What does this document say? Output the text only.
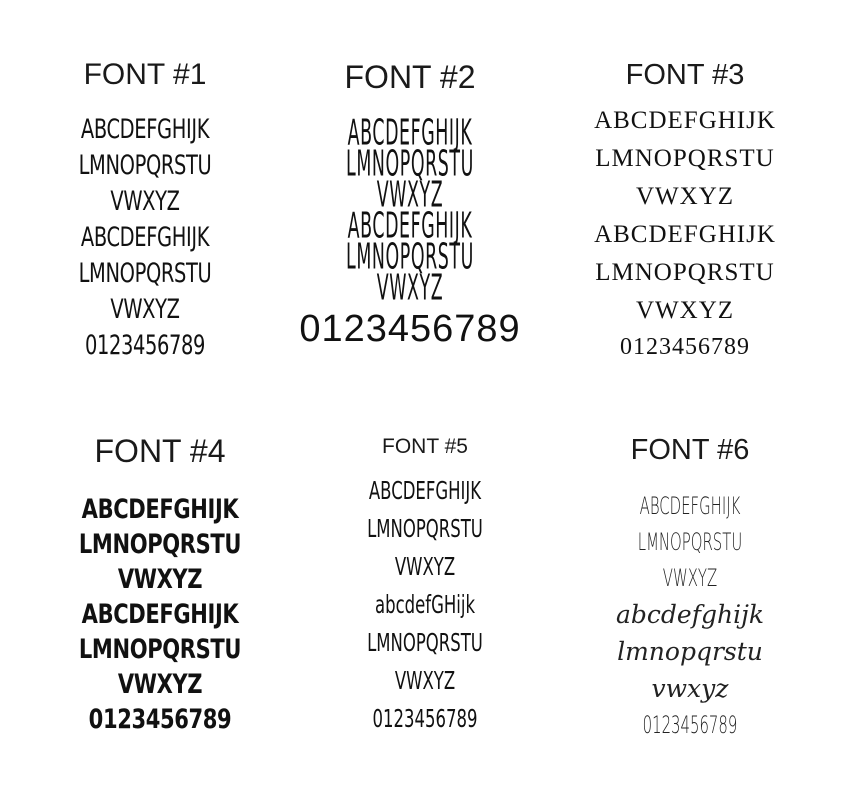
FONT #1
ABCDEFGHIJK
LMNOPQRSTU
VWXYZ
ABCDEFGHIJK
LMNOPQRSTU
VWXYZ
0123456789
FONT #2
ABCDEFGHIJK
LMNOPQRSTU
VWXYZ
ABCDEFGHIJK
LMNOPQRSTU
VWXYZ
0123456789
FONT #3
ABCDEFGHIJK
LMNOPQRSTU
VWXYZ
ABCDEFGHIJK
LMNOPQRSTU
VWXYZ
0123456789
FONT #4
ABCDEFGHIJK
LMNOPQRSTU
VWXYZ
ABCDEFGHIJK
LMNOPQRSTU
VWXYZ
0123456789
FONT #5
ABCDEFGHIJK
LMNOPQRSTU
VWXYZ
abcdefGHijk
LMNOPQRSTU
VWXYZ
0123456789
FONT #6
ABCDEFGHIJK
LMNOPQRSTU
VWXYZ
abcdefghijk
lmnopqrstu
vwxyz
0123456789
